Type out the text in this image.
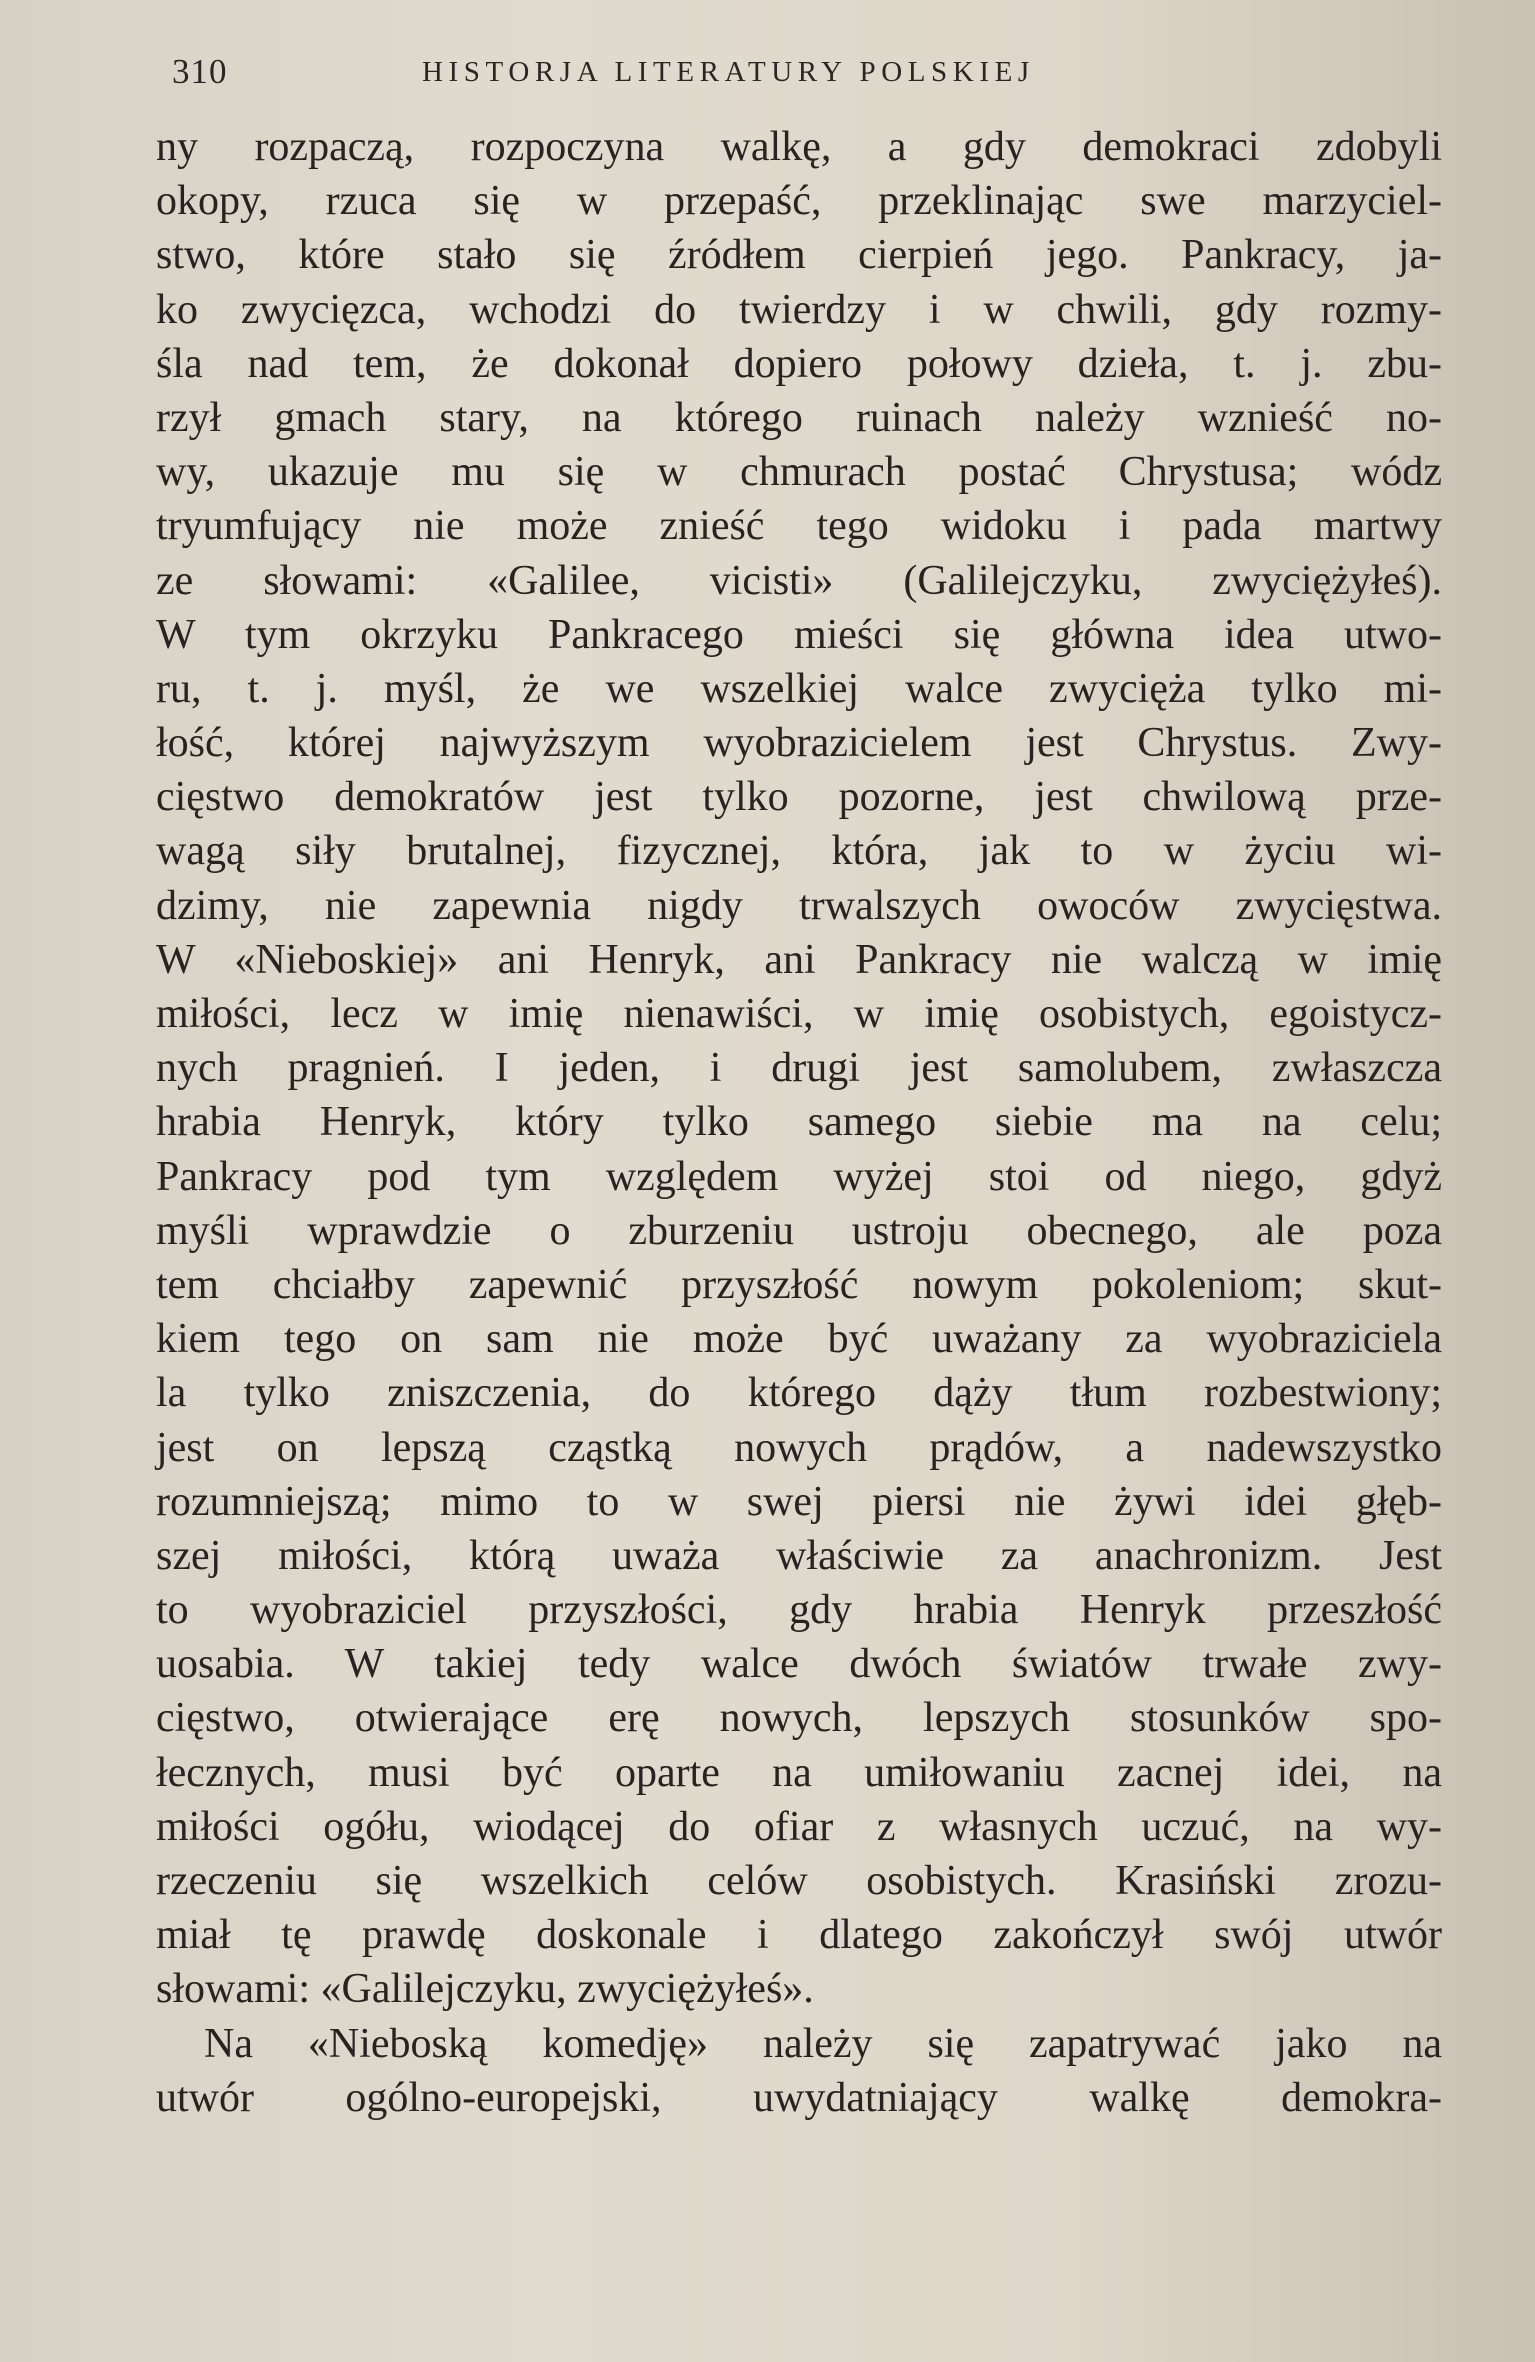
310	HISTORJA LITERATURY POLSKIEJ
ny rozpaczą, rozpoczyna walkę, a gdy demokraci zdobyli
okopy, rzuca się w przepaść, przeklinając swe marzyciel-
stwo, które stało się źródłem cierpień jego. Pankracy, ja-
ko zwycięzca, wchodzi do twierdzy i w chwili, gdy rozmy-
śla nad tem, że dokonał dopiero połowy dzieła, t. j. zbu-
rzył gmach stary, na którego ruinach należy wznieść no-
wy, ukazuje mu się w chmurach postać Chrystusa; wódz
tryumfujący nie może znieść tego widoku i pada martwy
ze słowami: «Galilee, vicisti» (Galilejczyku, zwyciężyłeś).
W tym okrzyku Pankracego mieści się główna idea utwo-
ru, t. j. myśl, że we wszelkiej walce zwycięża tylko mi-
łość, której najwyższym wyobrazicielem jest Chrystus. Zwy-
cięstwo demokratów jest tylko pozorne, jest chwilową prze-
wagą siły brutalnej, fizycznej, która, jak to w życiu wi-
dzimy, nie zapewnia nigdy trwalszych owoców zwycięstwa.
W «Nieboskiej» ani Henryk, ani Pankracy nie walczą w imię
miłości, lecz w imię nienawiści, w imię osobistych, egoistycz-
nych pragnień. I jeden, i drugi jest samolubem, zwłaszcza
hrabia Henryk, który tylko samego siebie ma na celu;
Pankracy pod tym względem wyżej stoi od niego, gdyż
myśli wprawdzie o zburzeniu ustroju obecnego, ale poza
tem chciałby zapewnić przyszłość nowym pokoleniom; skut-
kiem tego on sam nie może być uważany za wyobraziciela
la tylko zniszczenia, do którego dąży tłum rozbestwiony;
jest on lepszą cząstką nowych prądów, a nadewszystko
rozumniejszą; mimo to w swej piersi nie żywi idei głęb-
szej miłości, którą uważa właściwie za anachronizm. Jest
to wyobraziciel przyszłości, gdy hrabia Henryk przeszłość
uosabia. W takiej tedy walce dwóch światów trwałe zwy-
cięstwo, otwierające erę nowych, lepszych stosunków spo-
łecznych, musi być oparte na umiłowaniu zacnej idei, na
miłości ogółu, wiodącej do ofiar z własnych uczuć, na wy-
rzeczeniu się wszelkich celów osobistych. Krasiński zrozu-
miał tę prawdę doskonale i dlatego zakończył swój utwór
słowami: «Galilejczyku, zwyciężyłeś».
Na «Nieboską komedję» należy się zapatrywać jako na
utwór ogólno-europejski, uwydatniający walkę demokra-
